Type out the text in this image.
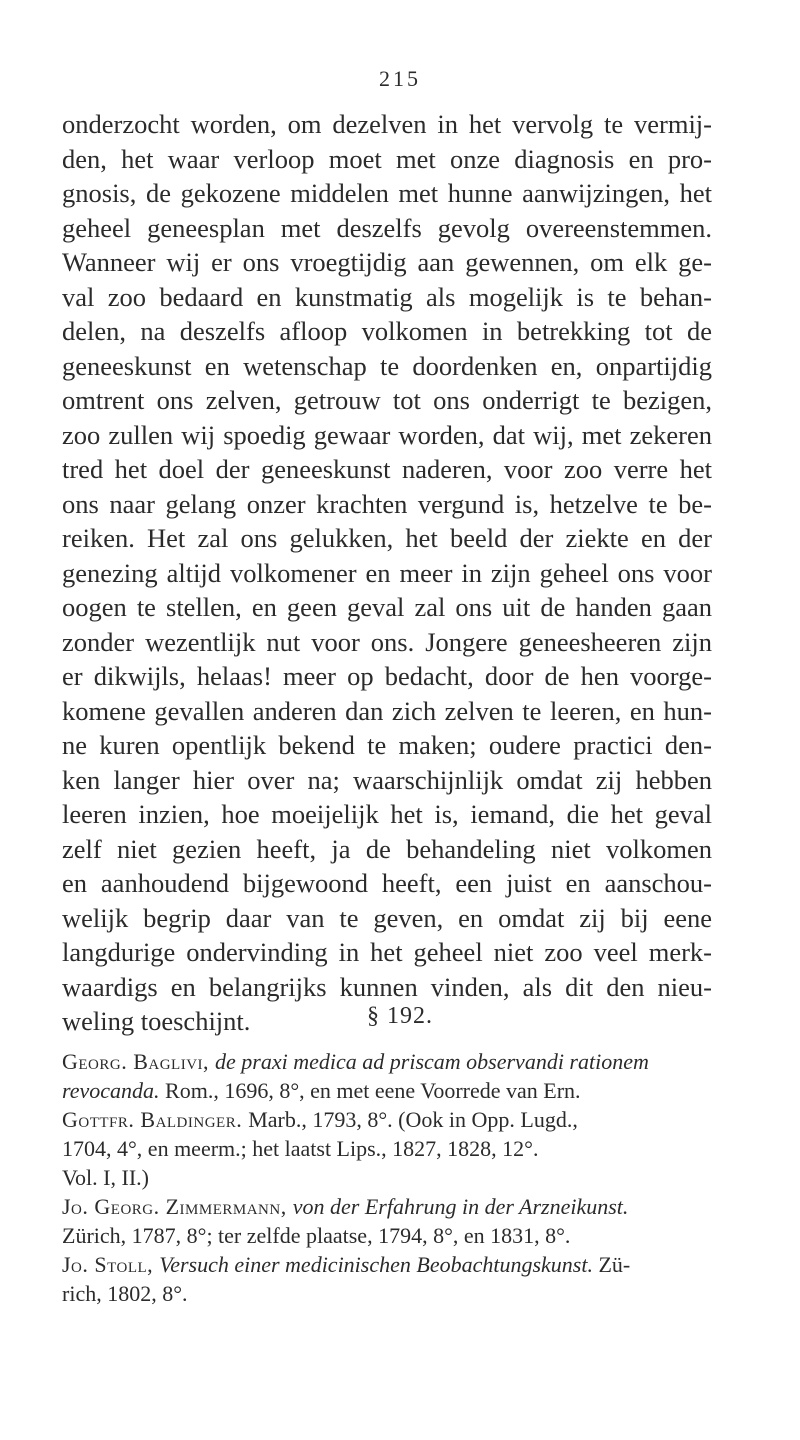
215
onderzocht worden, om dezelven in het vervolg te vermij-
den, het waar verloop moet met onze diagnosis en pro-
gnosis, de gekozene middelen met hunne aanwijzingen, het
geheel geneesplan met deszelfs gevolg overeenstemmen.
Wanneer wij er ons vroegtijdig aan gewennen, om elk ge-
val zoo bedaard en kunstmatig als mogelijk is te behan-
delen, na deszelfs afloop volkomen in betrekking tot de
geneeskunst en wetenschap te doordenken en, onpartijdig
omtrent ons zelven, getrouw tot ons onderrigt te bezigen,
zoo zullen wij spoedig gewaar worden, dat wij, met zekeren
tred het doel der geneeskunst naderen, voor zoo verre het
ons naar gelang onzer krachten vergund is, hetzelve te be-
reiken. Het zal ons gelukken, het beeld der ziekte en der
genezing altijd volkomener en meer in zijn geheel ons voor
oogen te stellen, en geen geval zal ons uit de handen gaan
zonder wezentlijk nut voor ons. Jongere geneesheeren zijn
er dikwijls, helaas! meer op bedacht, door de hen voorge-
komene gevallen anderen dan zich zelven te leeren, en hun-
ne kuren opentlijk bekend te maken; oudere practici den-
ken langer hier over na; waarschijnlijk omdat zij hebben
leeren inzien, hoe moeijelijk het is, iemand, die het geval
zelf niet gezien heeft, ja de behandeling niet volkomen
en aanhoudend bijgewoond heeft, een juist en aanschou-
welijk begrip daar van te geven, en omdat zij bij eene
langdurige ondervinding in het geheel niet zoo veel merk-
waardigs en belangrijks kunnen vinden, als dit den nieu-
weling toeschijnt.	§ 192.
Georg. Baglivi, de praxi medica ad priscam observandi rationem
revocanda. Rom., 1696, 8°, en met eene Voorrede van Ern.
Gottfr. Baldinger. Marb., 1793, 8°. (Ook in Opp. Lugd.,
1704, 4°, en meerm.; het laatst Lips., 1827, 1828, 12°.
Vol. I, II.)
Jo. Georg. Zimmermann, von der Erfahrung in der Arzneikunst.
Zürich, 1787, 8°; ter zelfde plaatse, 1794, 8°, en 1831, 8°.
Jo. Stoll, Versuch einer medicinischen Beobachtungskunst. Zü-
rich, 1802, 8°.
